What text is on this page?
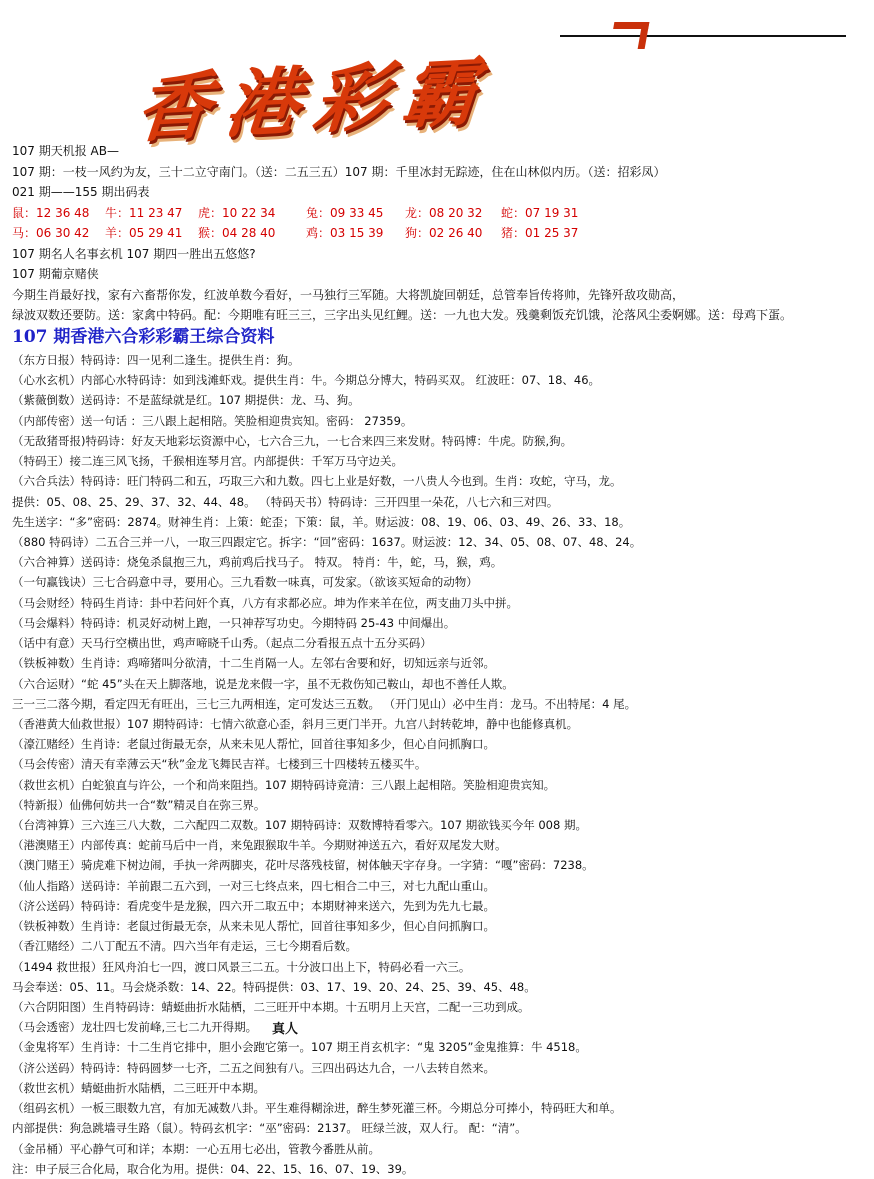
香港彩霸
107 期天机报 AB—
107 期：一枝一风约为友，三十二立守南门。（送：二五三五）107 期：千里冰封无踪迹，住在山林似内历。（送：招彩凤）
021 期——155 期出码表
鼠：12 36 48	牛：11 23 47	虎：10 22 34	兔：09 33 45	龙：08 20 32	蛇：07 19 31
马：06 30 42	羊：05 29 41	猴：04 28 40	鸡：03 15 39	狗：02 26 40	猪：01 25 37
107 期名人名事玄机 107 期四一胜出五悠悠?
107 期葡京赌侠
今期生肖最好找，家有六畜帮你发，红波单数今看好，一马独行三军随。大将凯旋回朝廷，总管奉旨传将帅，先锋歼敌攻勋高，
绿波双数还要防。送：家禽中特码。配：今期唯有旺三三，三字出头见红鲤。送：一九也大发。残羹剩饭充饥饿，沦落风尘委婀娜。送：母鸡下蛋。
107 期香港六合彩彩霸王综合资料
（东方日报）特码诗：四一见利二逢生。提供生肖：狗。
（心水玄机）内部心水特码诗：如到浅滩虾戏。提供生肖：牛。今期总分博大，特码买双。 红波旺：07、18、46。
（紫薇倒数）送码诗：不是蓝绿就是红。107 期提供：龙、马、狗。
（内部传密）送一句话 ：三八跟上起相陪。笑脸相迎贵宾知。密码： 27359。
（无敌猪哥报)特码诗：好友天地彩坛资源中心，七六合三九，一七合来四三来发财。特码博：牛虎。防猴,狗。
（特码王）接二连三风飞扬，千猴相连琴月宫。内部提供：千军万马守边关。
（六合兵法）特码诗：旺门特码二和五，巧取三六和九数。四七上业是好数，一八贵人今也到。生肖：攻蛇，守马，龙。
提供：05、08、25、29、37、32、44、48。 （特码天书）特码诗：三开四里一朵花，八七六和三对四。
先生送字：“多”密码：2874。财神生肖：上策：蛇歪；下策：鼠，羊。财运波：08、19、06、03、49、26、33、18。
（880 特码诗）二五合三并一八，一取三四跟定它。拆字：“回”密码：1637。财运波：12、34、05、08、07、48、24。
（六合神算）送码诗：烧兔杀鼠抱三九，鸡前鸡后找马子。 特双。 特肖：牛，蛇，马，猴，鸡。
（一句赢钱诀）三七合码意中寻，要用心。三九看数一味真，可发家。（欲该买短命的动物）
（马会财经）特码生肖诗：卦中若问奸个真，八方有求都必应。坤为作来羊在位，两支曲刀头中拼。
（马会爆料）特码诗：机灵好动树上跑，一只神荐写功史。今期特码 25-43 中间爆出。
（话中有意）天马行空横出世，鸡声啼晓千山秀。（起点二分看报五点十五分买码）
（铁板神数）生肖诗：鸡啼猪叫分欲清，十二生肖隔一人。左邻右舍要和好，切知远亲与近邻。
（六合运财）“蛇 45”头在天上脚落地，说是龙来假一字，虽不无救伤知己鞍山，却也不善任人欺。
三一三二落今期，看定四无有旺出，三七三九两相连，定可发达三五数。 （开门见山）必中生肖：龙马。不出特尾：4 尾。
（香港黄大仙救世报）107 期特码诗：七情六欲意心歪，斜月三更门半开。九宫八封转乾坤，静中也能修真机。
（濠江赌经）生肖诗：老鼠过街最无奈，从来未见人帮忙，回首往事知多少，但心自问抓胸口。
（马会传密）清天有幸薄云天“秋”金龙飞舞民吉祥。七楼到三十四楼转五楼买牛。
（救世玄机）白蛇狼直与许公，一个和尚来阻挡。107 期特码诗竟清：三八跟上起相陪。笑脸相迎贵宾知。
（特新报）仙佛何妨共一合“数”精灵自在弥三界。
（台湾神算）三六连三八大数，二六配四二双数。107 期特码诗：双数博特看零六。107 期欲钱买今年 008 期。
（港澳赌王）内部传真：蛇前马后中一肖，来兔跟猴取牛羊。今期财神送五六，看好双尾发大财。
（澳门赌王）骑虎难下树边闹，手执一斧两脚夹，花叶尽落残枝留，树体触天字存身。一字猜：“嘎”密码：7238。
（仙人指路）送码诗：羊前跟二五六到，一对三七终点来，四七相合二中三，对七九配山重山。
（济公送码）特码诗：看虎变牛是龙猴，四六开二取五中；本期财神来送六，先到为先九七最。
（铁板神数）生肖诗：老鼠过街最无奈，从来未见人帮忙，回首往事知多少，但心自问抓胸口。
（香江赌经）二八丁配五不清。四六当年有走运，三七今期看后数。
（1494 救世报）狂风舟泊七一四，渡口风景三二五。十分波口出上下，特码必看一六三。
马会奉送：05、11。马会烧杀数：14、22。特码提供：03、17、19、20、24、25、39、45、48。
（六合阴阳图）生肖特码诗：蜻蜓曲折水陆栖，二三旺开中本期。十五明月上天宫，二配一三功到成。
（马会透密）龙壮四七发前峰,三七二九开得期。
（金鬼将军）生肖诗：十二生肖它排中，胆小会跑它第一。107 期王肖玄机字：“鬼 3205”金鬼推算：牛 4518。
（济公送码）特码诗：特码圆梦一七齐，二五之间独有八。三四出码达九合，一八去转自然来。
（救世玄机）蜻蜓曲折水陆栖，二三旺开中本期。
（组码玄机）一板三眼数九宫，有加无减数八卦。平生难得糊涂进，醉生梦死灌三杯。今期总分可捧小，特码旺大和单。
内部提供：狗急跳墙寻生路（鼠）。特码玄机字：“巫”密码：2137。 旺绿兰波，双人行。 配：“清”。
（金吊桶）平心静气可和详；本期：一心五用七必出，管教今番胜从前。
注：申子辰三合化局，取合化为用。提供：04、22、15、16、07、19、39。
真人
